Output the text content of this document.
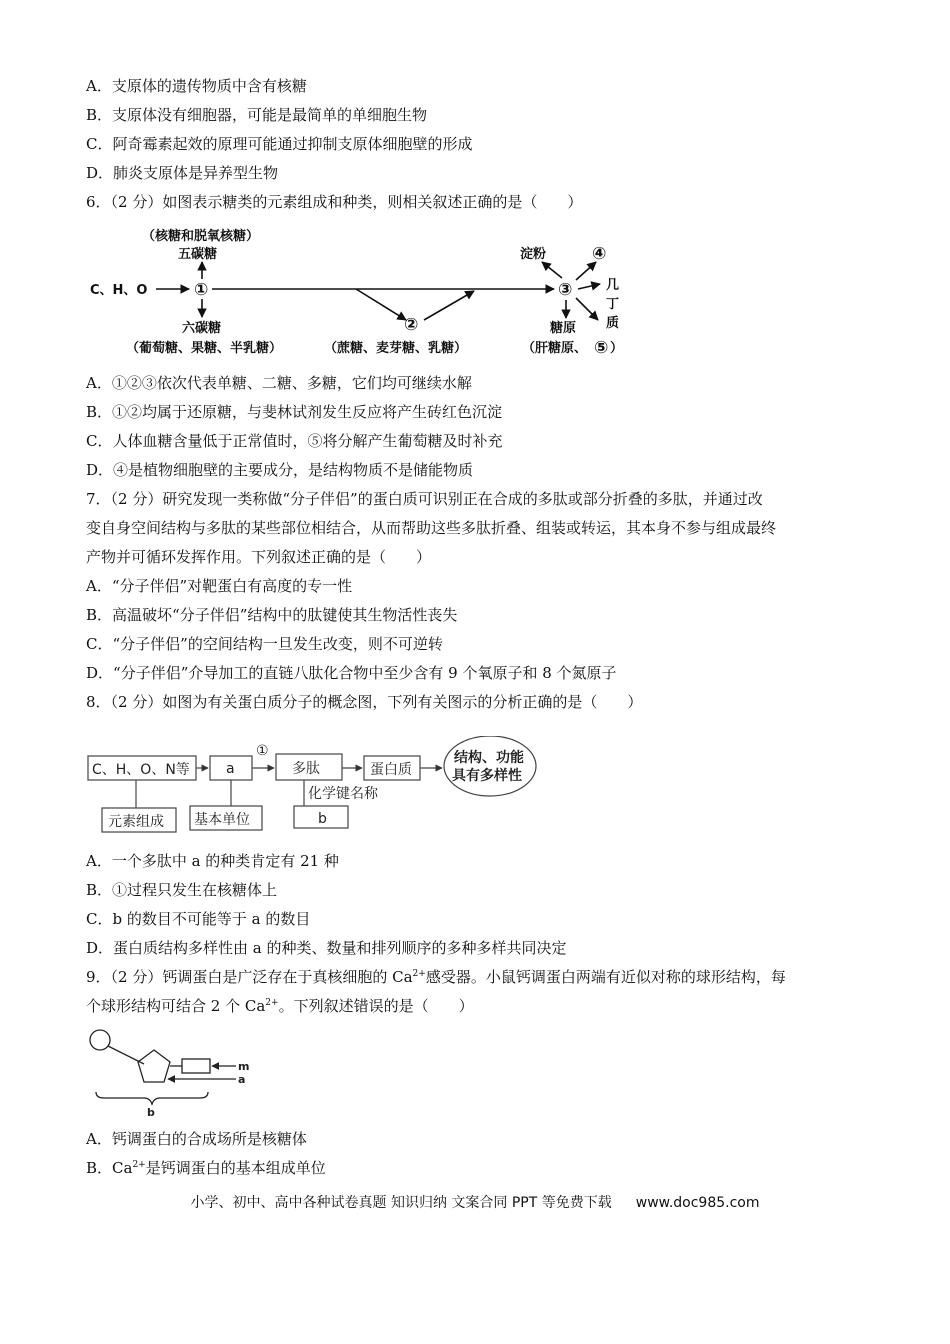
A．支原体的遗传物质中含有核糖
B．支原体没有细胞器，可能是最简单的单细胞生物
C．阿奇霉素起效的原理可能通过抑制支原体细胞壁的形成
D．肺炎支原体是异养型生物
6．（2 分）如图表示糖类的元素组成和种类，则相关叙述正确的是（　　）
（核糖和脱氧核糖）
五碳糖
C、H、O	①
六碳糖
（葡萄糖、果糖、半乳糖）
②
（蔗糖、麦芽糖、乳糖）
③
淀粉	④
糖原
（肝糖原、 ⑤ ）
几
丁
质
A．①②③依次代表单糖、二糖、多糖，它们均可继续水解
B．①②均属于还原糖，与斐林试剂发生反应将产生砖红色沉淀
C．人体血糖含量低于正常值时，⑤将分解产生葡萄糖及时补充
D．④是植物细胞壁的主要成分，是结构物质不是储能物质
7．（2 分）研究发现一类称做“分子伴侣”的蛋白质可识别正在合成的多肽或部分折叠的多肽，并通过改
变自身空间结构与多肽的某些部位相结合，从而帮助这些多肽折叠、组装或转运，其本身不参与组成最终
产物并可循环发挥作用。下列叙述正确的是（　　）
A．“分子伴侣”对靶蛋白有高度的专一性
B．高温破坏“分子伴侣”结构中的肽键使其生物活性丧失
C．“分子伴侣”的空间结构一旦发生改变，则不可逆转
D．“分子伴侣”介导加工的直链八肽化合物中至少含有 9 个氧原子和 8 个氮原子
8．（2 分）如图为有关蛋白质分子的概念图，下列有关图示的分析正确的是（　　）
C、H、O、N等	a
①
多肽	蛋白质
结构、功能
具有多样性
化学键名称
元素组成 基本单位	b
A．一个多肽中 a 的种类肯定有 21 种
B．①过程只发生在核糖体上
C．b 的数目不可能等于 a 的数目
D．蛋白质结构多样性由 a 的种类、数量和排列顺序的多种多样共同决定
9．（2 分）钙调蛋白是广泛存在于真核细胞的 $Ca^{2+}$感受器。小鼠钙调蛋白两端有近似对称的球形结构，每
个球形结构可结合 2 个 $Ca^{2+}$。下列叙述错误的是（　　）
m
a
b
A．钙调蛋白的合成场所是核糖体
B．$Ca^{2+}$是钙调蛋白的基本组成单位
小学、初中、高中各种试卷真题 知识归纳 文案合同 PPT 等免费下载 www.doc985.com
